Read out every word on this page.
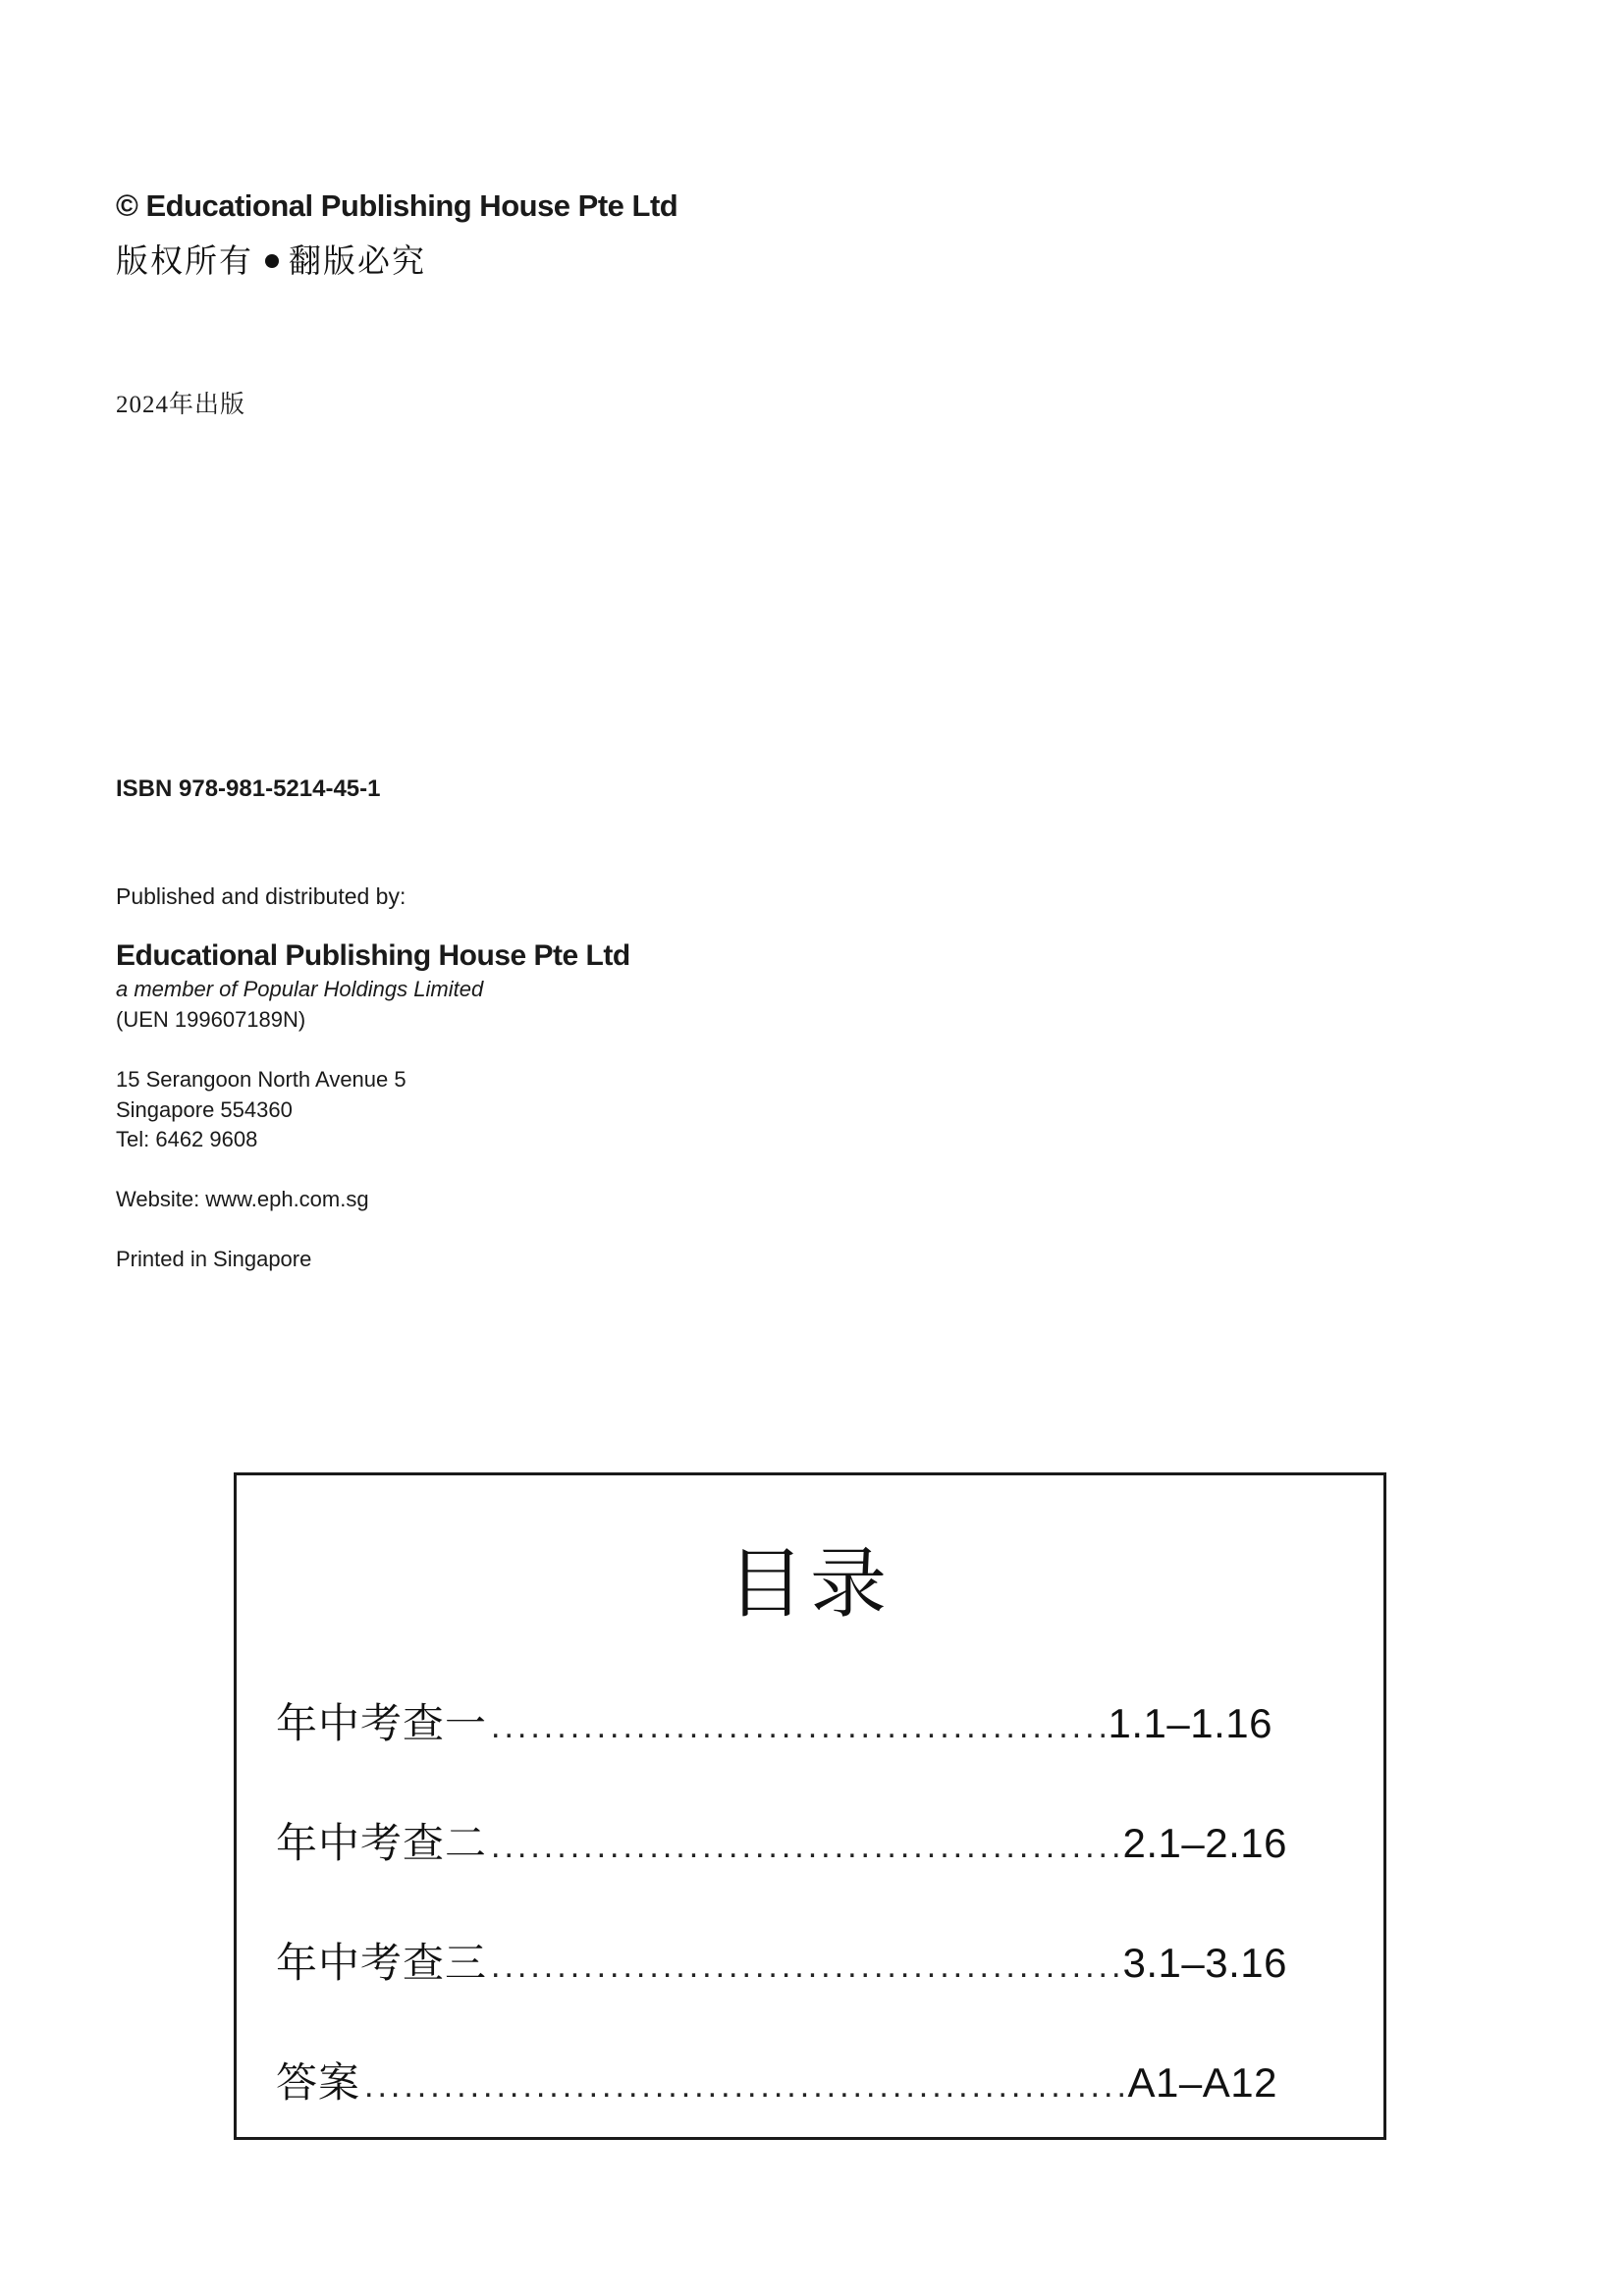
© Educational Publishing House Pte Ltd
版权所有 翻版必究
2024年出版
ISBN 978-981-5214-45-1
Published and distributed by:
Educational Publishing House Pte Ltd
a member of Popular Holdings Limited
(UEN 199607189N)
15 Serangoon North Avenue 5
Singapore 554360
Tel: 6462 9608
Website: www.eph.com.sg
Printed in Singapore
目录
年中考查一 .....	1.1–1.16
年中考查二 .....	2.1–2.16
年中考查三 .....	3.1–3.16
答案 .....	A1–A12
